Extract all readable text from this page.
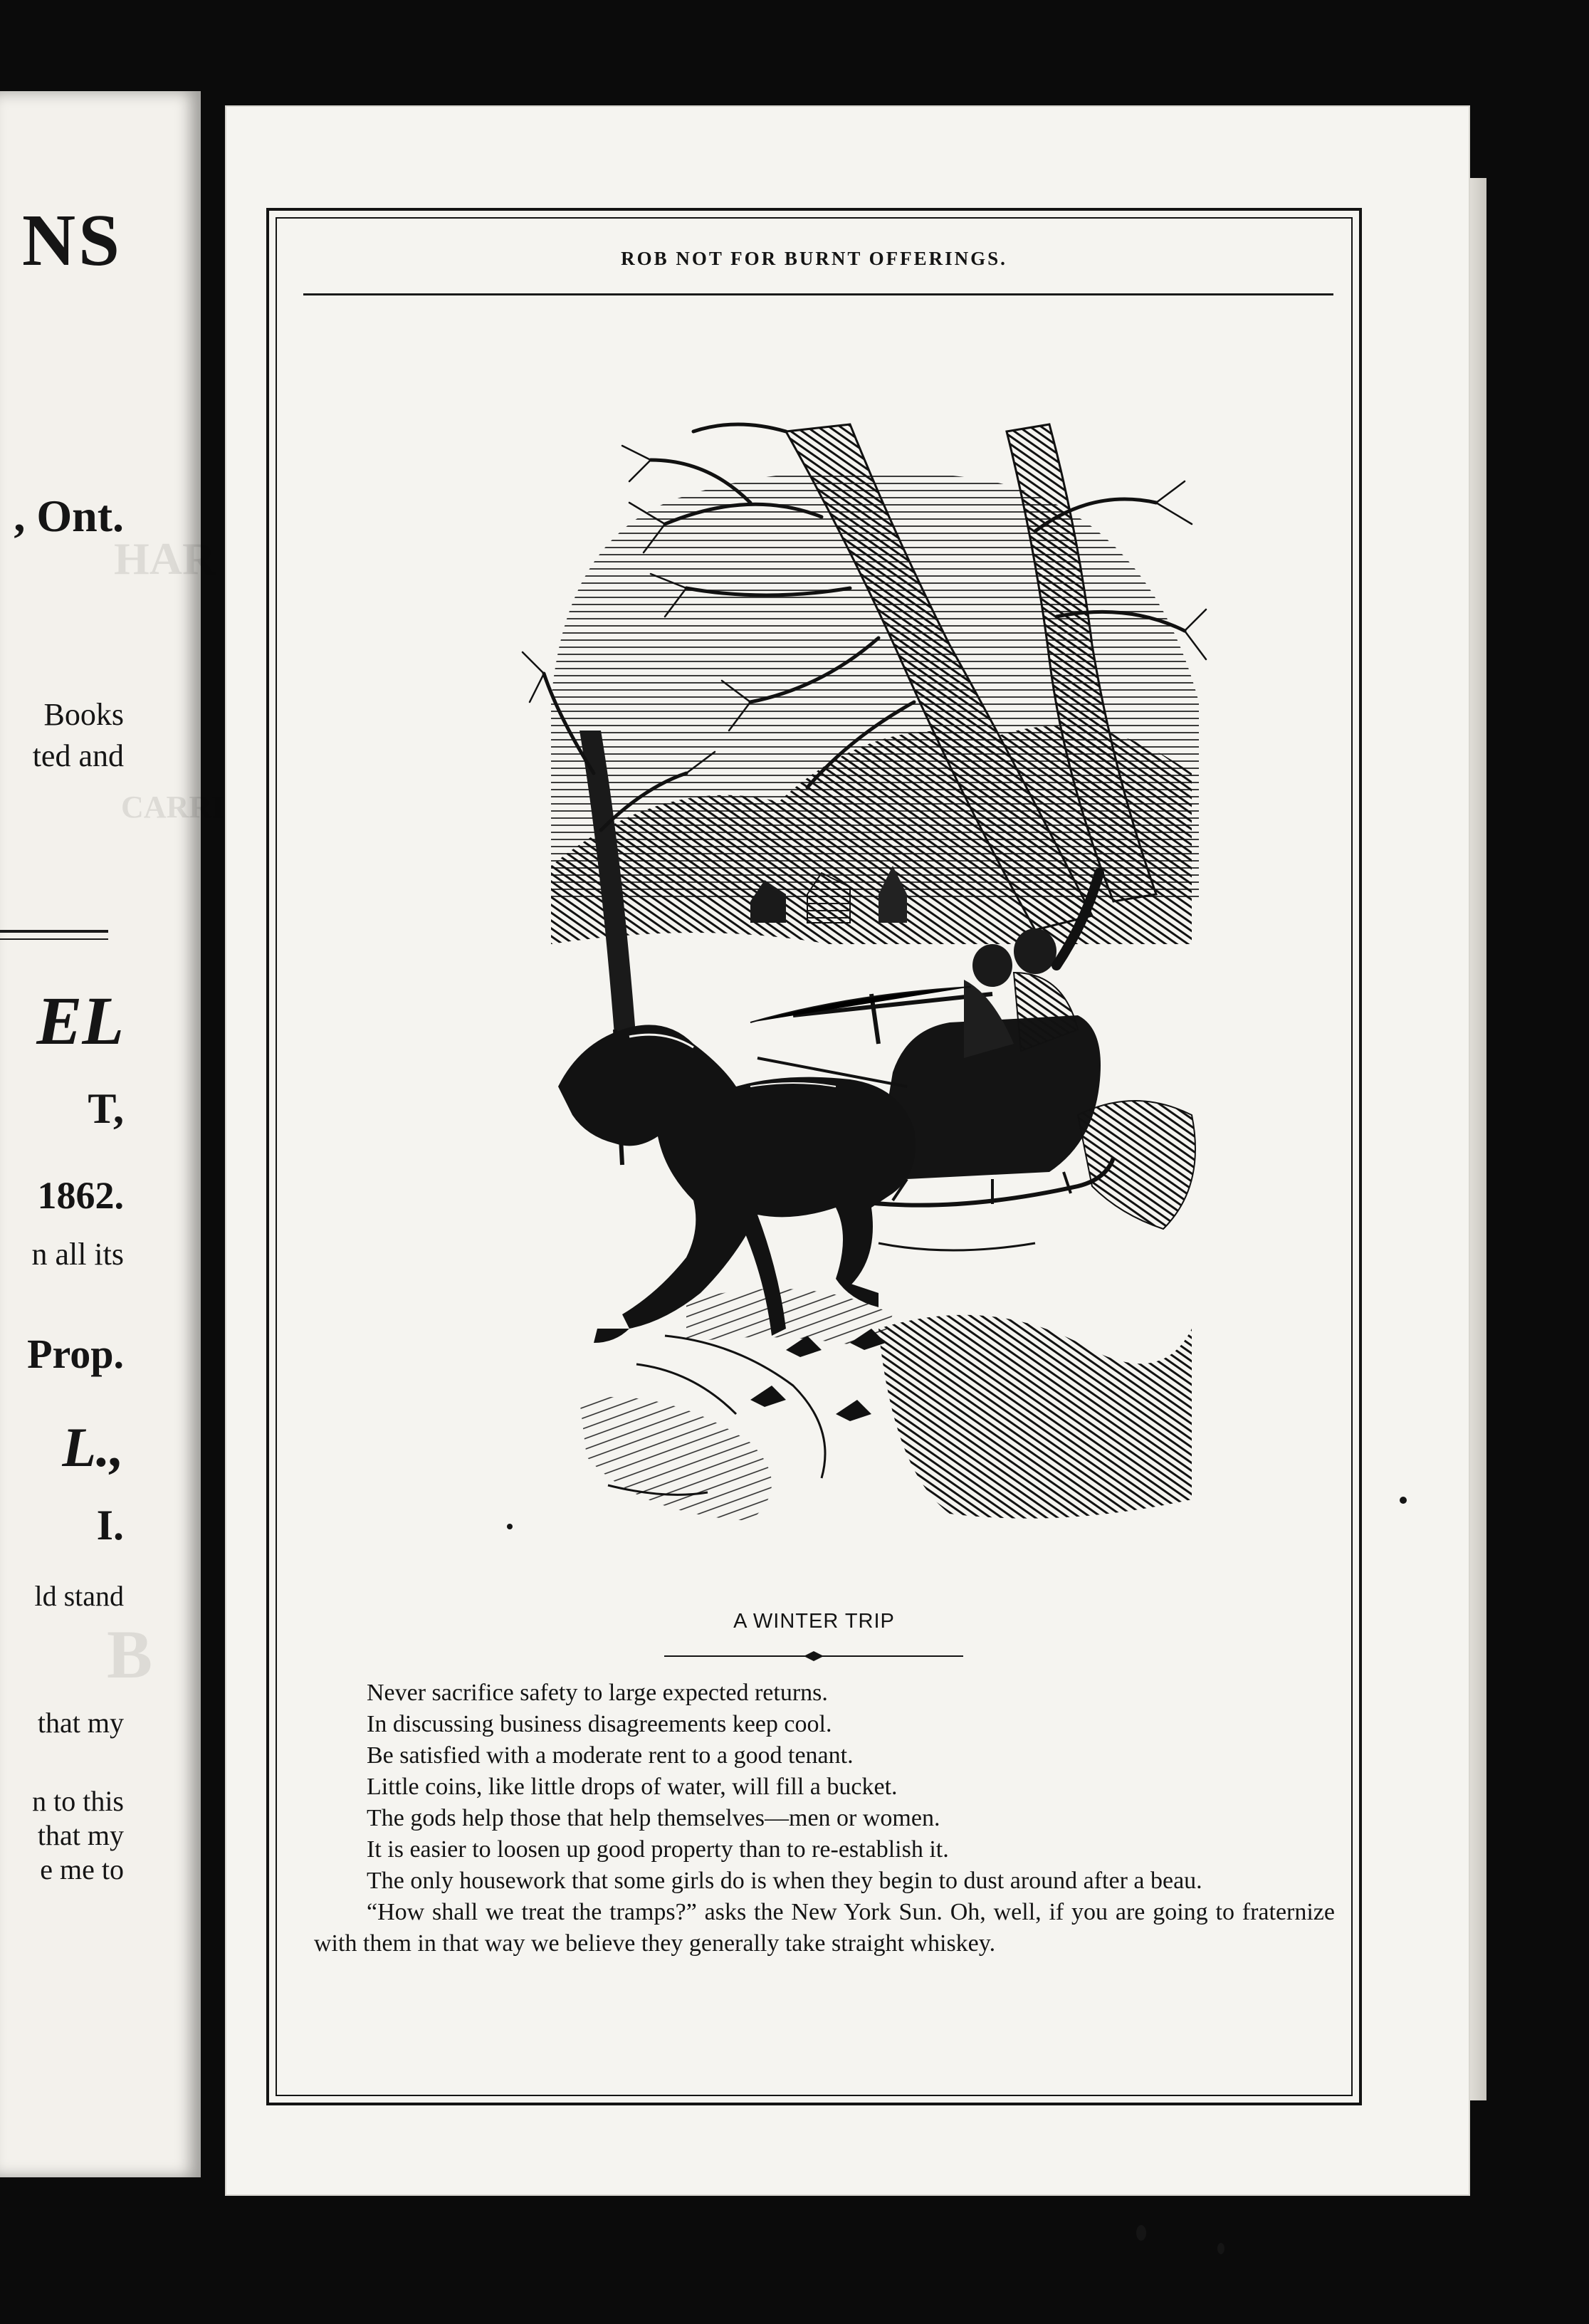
HAR
CARRI
B
NS
, Ont.
Books
ted and
EL
T,
1862.
n all its
Prop.
L.,
I.
ld stand
that my
n to this
that my
e me to
ROB NOT FOR BURNT OFFERINGS.
A WINTER TRIP

Never sacrifice safety to large expected returns.

In discussing business disagreements keep cool.

Be satisfied with a moderate rent to a good tenant.

Little coins, like little drops of water, will fill a bucket.

The gods help those that help themselves—men or women.

It is easier to loosen up good property than to re-establish it.

The only housework that some girls do is when they begin to dust around after a beau.

“How shall we treat the tramps?” asks the New York Sun. Oh, well, if you are going to fraternize with them in that way we believe they generally take straight whiskey.
